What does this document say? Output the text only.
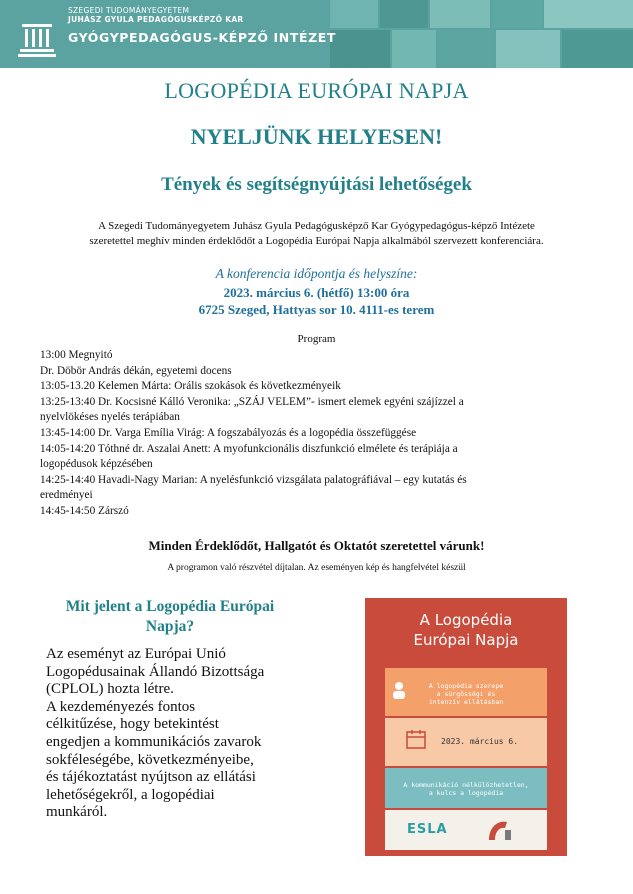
SZEGEDI TUDOMÁNYEGYETEM
JUHÁSZ GYULA PEDAGÓGUSKÉPZŐ KAR
GYÓGYPEDAGÓGUS-KÉPZŐ INTÉZET
LOGOPÉDIA EURÓPAI NAPJA
NYELJÜNK HELYESEN!
Tények és segítségnyújtási lehetőségek
A Szegedi Tudományegyetem Juhász Gyula Pedagógusképző Kar Gyógypedagógus-képző Intézete
szeretettel meghív minden érdeklődőt a Logopédia Európai Napja alkalmából szervezett konferenciára.
A konferencia időpontja és helyszíne:
2023. március 6. (hétfő) 13:00 óra
6725 Szeged, Hattyas sor 10. 4111-es terem
Program
13:00 Megnyitó
Dr. Döbör András dékán, egyetemi docens
13:05-13.20 Kelemen Márta: Orális szokások és következményeik
13:25-13:40 Dr. Kocsisné Kálló Veronika: „SZÁJ VELEM”- ismert elemek egyéni szájízzel a
nyelvlökéses nyelés terápiában
13:45-14:00 Dr. Varga Emília Virág: A fogszabályozás és a logopédia összefüggése
14:05-14:20 Tóthné dr. Aszalai Anett: A myofunkcionális diszfunkció elmélete és terápiája a
logopédusok képzésében
14:25-14:40 Havadi-Nagy Marian: A nyelésfunkció vizsgálata palatográfiával – egy kutatás és
eredményei
14:45-14:50 Zárszó
Minden Érdeklődőt, Hallgatót és Oktatót szeretettel várunk!
A programon való részvétel díjtalan. Az eseményen kép és hangfelvétel készül
Mit jelent a Logopédia Európai
Napja?
Az eseményt az Európai Unió
Logopédusainak Állandó Bizottsága
(CPLOL) hozta létre.
A kezdeményezés fontos
célkitűzése, hogy betekintést
engedjen a kommunikációs zavarok
sokféleségébe, következményeibe,
és tájékoztatást nyújtson az ellátási
lehetőségekről, a logopédiai
munkáról.
A Logopédia
Európai Napja
A logopédia szerepe
a sürgősségi és
intenzív ellátásban
2023. március 6.
A kommunikáció nélkülözhetetlen,
a kulcs a logopédia
ESLA
